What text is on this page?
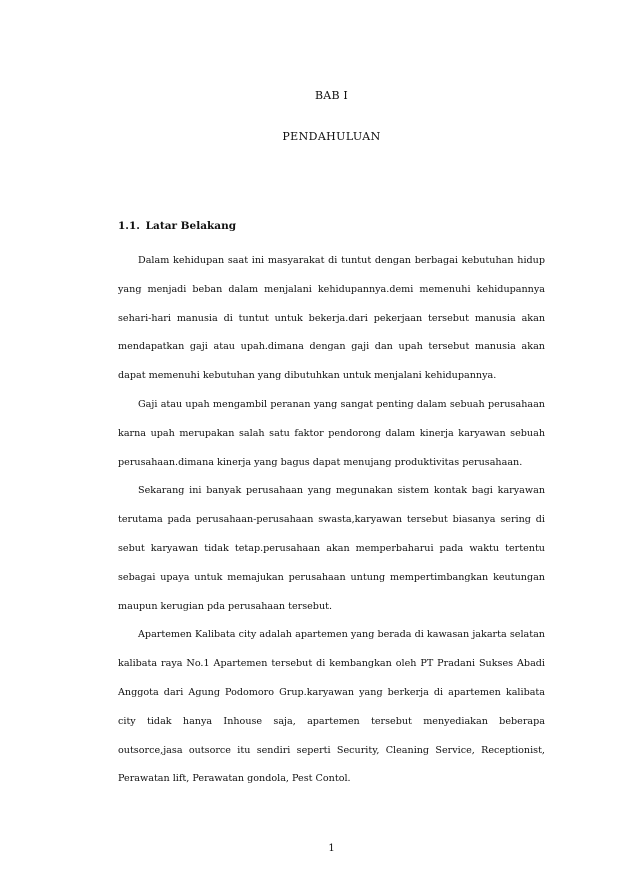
BAB I
PENDAHULUAN
1.1. Latar Belakang

Dalam kehidupan saat ini masyarakat di tuntut dengan berbagai kebutuhan hidup yang menjadi beban dalam menjalani kehidupannya.demi memenuhi kehidupannya sehari-hari manusia di tuntut untuk bekerja.dari pekerjaan tersebut manusia akan mendapatkan gaji atau upah.dimana dengan gaji dan upah tersebut manusia akan dapat memenuhi kebutuhan yang dibutuhkan untuk menjalani kehidupannya.

Gaji atau upah mengambil peranan yang sangat penting dalam sebuah perusahaan karna upah merupakan salah satu faktor pendorong dalam kinerja karyawan sebuah perusahaan.dimana kinerja yang bagus dapat menujang produktivitas perusahaan.

Sekarang ini banyak perusahaan yang megunakan sistem kontak bagi karyawan terutama pada perusahaan-perusahaan swasta,karyawan tersebut biasanya sering di sebut karyawan tidak tetap.perusahaan akan memperbaharui pada waktu tertentu sebagai upaya untuk memajukan perusahaan untung mempertimbangkan keutungan maupun kerugian pda perusahaan tersebut.

Apartemen Kalibata city adalah apartemen yang berada di kawasan jakarta selatan kalibata raya No.1 Apartemen tersebut di kembangkan oleh PT Pradani Sukses Abadi Anggota dari Agung Podomoro Grup.karyawan yang berkerja di apartemen kalibata city tidak hanya Inhouse saja, apartemen tersebut menyediakan beberapa outsorce,jasa outsorce itu sendiri seperti Security, Cleaning Service, Receptionist, Perawatan lift, Perawatan gondola, Pest Contol.

1
